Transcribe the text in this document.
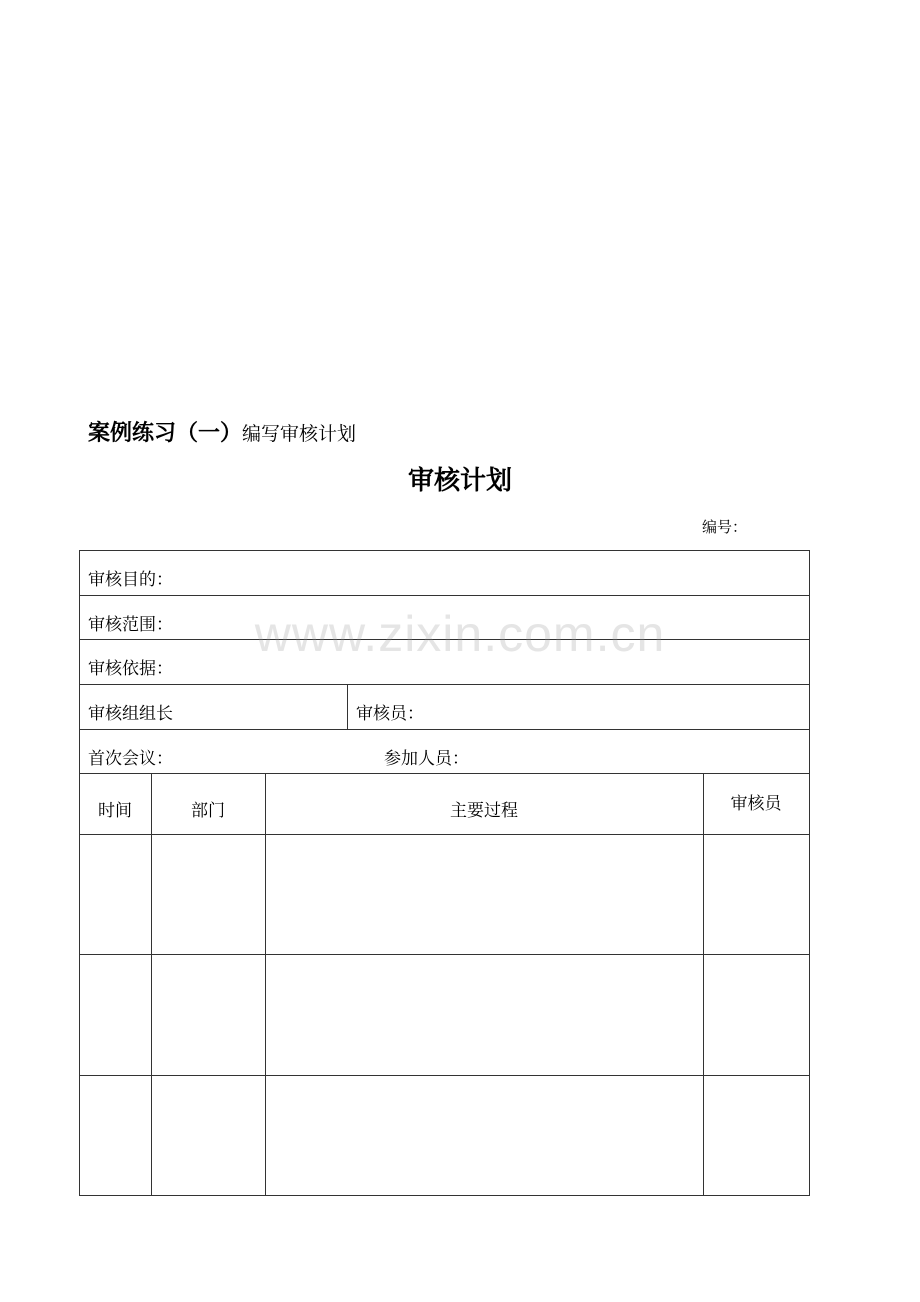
案例练习（一）编写审核计划
审核计划
编号：
审核目的：
审核范围：
审核依据：
审核组组长	审核员：
首次会议：	参加人员：
时间	部门	主要过程	审核员
www.zixin.com.cn
